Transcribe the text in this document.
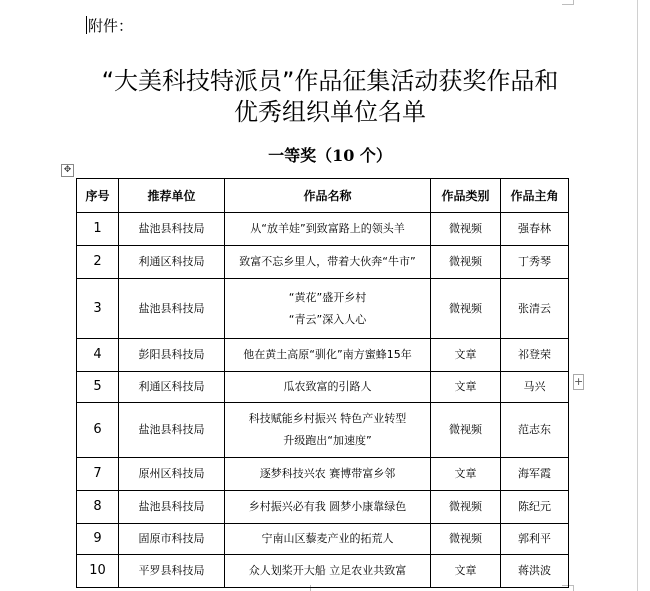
附件：
“大美科技特派员”作品征集活动获奖作品和
优秀组织单位名单
一等奖（10 个）
✥
+
序号	推荐单位	作品名称	作品类别	作品主角
1	盐池县科技局	从“放羊娃”到致富路上的领头羊	微视频	强春林
2	利通区科技局	致富不忘乡里人，带着大伙奔“牛市”	微视频	丁秀琴
3	盐池县科技局	“黄花”盛开乡村
“青云”深入人心	微视频	张清云
4	彭阳县科技局	他在黄土高原“驯化”南方蜜蜂15年	文章	祁登荣
5	利通区科技局	瓜农致富的引路人	文章	马兴
6	盐池县科技局	科技赋能乡村振兴 特色产业转型
升级跑出“加速度”	微视频	范志东
7	原州区科技局	逐梦科技兴农 赛博带富乡邻	文章	海军霞
8	盐池县科技局	乡村振兴必有我 圆梦小康靠绿色	微视频	陈纪元
9	固原市科技局	宁南山区藜麦产业的拓荒人	微视频	郭利平
10	平罗县科技局	众人划桨开大船 立足农业共致富	文章	蒋洪波
